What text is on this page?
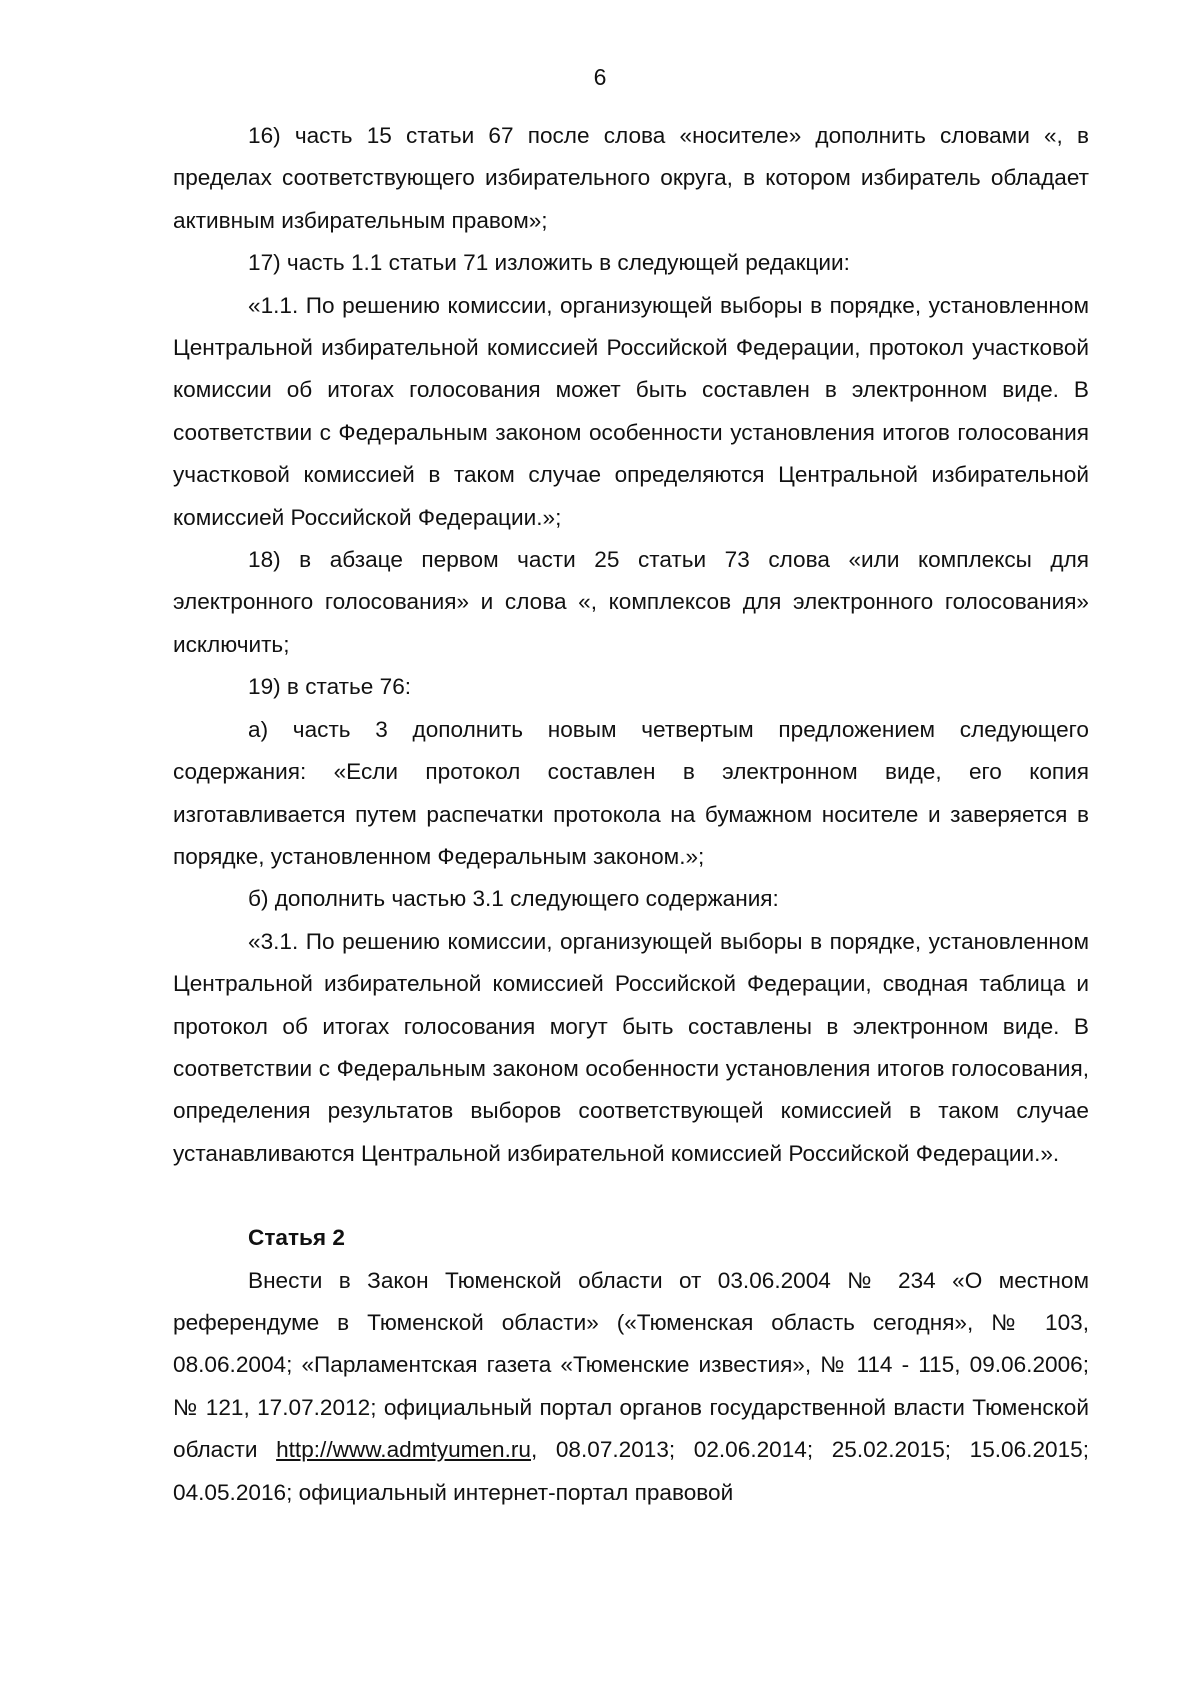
6

16) часть 15 статьи 67 после слова «носителе» дополнить словами «, в пределах соответствующего избирательного округа, в котором избиратель обладает активным избирательным правом»;

17) часть 1.1 статьи 71 изложить в следующей редакции:

«1.1. По решению комиссии, организующей выборы в порядке, установленном Центральной избирательной комиссией Российской Федерации, протокол участковой комиссии об итогах голосования может быть составлен в электронном виде. В соответствии с Федеральным законом особенности установления итогов голосования участковой комиссией в таком случае определяются Центральной избирательной комиссией Российской Федерации.»;

18) в абзаце первом части 25 статьи 73 слова «или комплексы для электронного голосования» и слова «, комплексов для электронного голосования» исключить;

19) в статье 76:

а) часть 3 дополнить новым четвертым предложением следующего содержания: «Если протокол составлен в электронном виде, его копия изготавливается путем распечатки протокола на бумажном носителе и заверяется в порядке, установленном Федеральным законом.»;

б) дополнить частью 3.1 следующего содержания:

«3.1. По решению комиссии, организующей выборы в порядке, установленном Центральной избирательной комиссией Российской Федерации, сводная таблица и протокол об итогах голосования могут быть составлены в электронном виде. В соответствии с Федеральным законом особенности установления итогов голосования, определения результатов выборов соответствующей комиссией в таком случае устанавливаются Центральной избирательной комиссией Российской Федерации.».

Статья 2

Внести в Закон Тюменской области от 03.06.2004 № 234 «О местном референдуме в Тюменской области» («Тюменская область сегодня», № 103, 08.06.2004; «Парламентская газета «Тюменские известия», № 114 - 115, 09.06.2006; № 121, 17.07.2012; официальный портал органов государственной власти Тюменской области http://www.admtyumen.ru, 08.07.2013; 02.06.2014; 25.02.2015; 15.06.2015; 04.05.2016; официальный интернет-портал правовой
